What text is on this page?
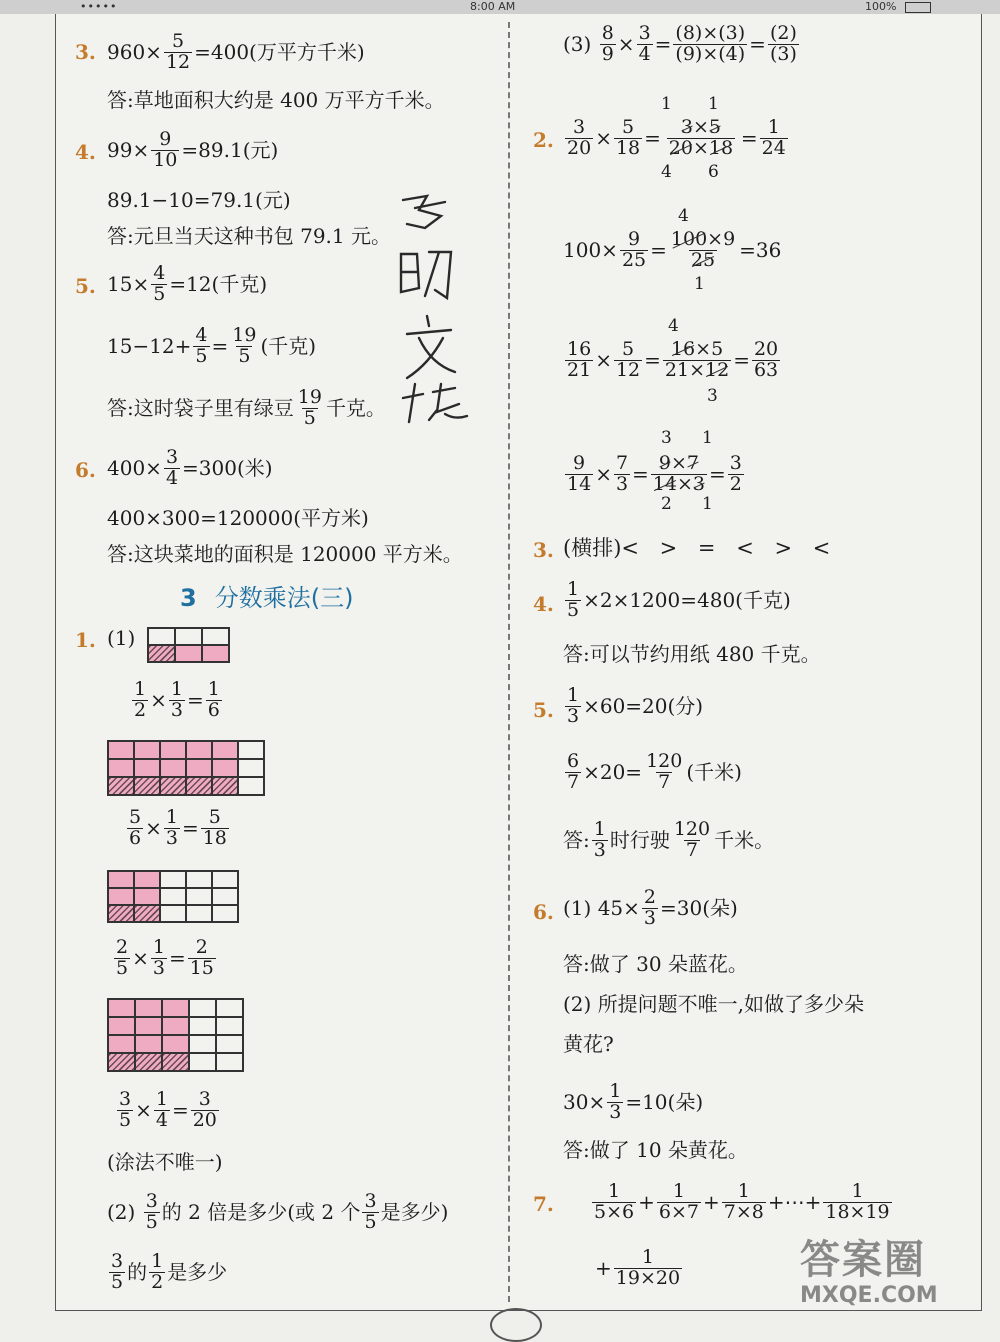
•••••	8:00 AM	100%
3. $960\times \frac{5}{12} =400$(万平方千米)
答:草地面积大约是 400 万平方千米。
4. $99\times \frac{9}{10} =89.1$(元)
89.1−10=79.1(元)
答:元旦当天这种书包 79.1 元。
5. $15\times \frac{4}{5} =12$(千克)
$15-12+ \frac{4}{5} = \frac{19}{5}$ (千克)
答:这时袋子里有绿豆 $\frac{19}{5}$ 千克。
6. $400\times \frac{3}{4} =300$(米)
400×300=120000(平方米)
答:这块菜地的面积是 120000 平方米。
3 分数乘法(三)
1. (1)
$\frac{1}{2} \times \frac{1}{3} = \frac{1}{6}$
$\frac{5}{6} \times \frac{1}{3} = \frac{5}{18}$
$\frac{2}{5} \times \frac{1}{3} = \frac{2}{15}$
$\frac{3}{5} \times \frac{1}{4} = \frac{3}{20}$
(涂法不唯一)
(2)
$\frac{3}{5}$ 的 2 倍是多少(或 2 个 $\frac{3}{5}$ 是多少)
$\frac{3}{5}$ 的 $\frac{1}{2}$ 是多少
(3)
$\frac{8}{9} \times \frac{3}{4} = \frac{(8)\times(3)}{(9)\times(4)} = \frac{(2)}{(3)}$
2. $\frac{3}{20} \times \frac{5}{18} = \frac{3\times 5}{20\times 18} = \frac{1}{24}$
1 1
4 6
$100\times \frac{9}{25} = \frac{100\times 9}{25} =36$
4
1
$\frac{16}{21} \times \frac{5}{12} = \frac{16\times 5}{21\times 12} = \frac{20}{63}$
4
3
$\frac{9}{14} \times \frac{7}{3} = \frac{9\times 7}{14\times 3} = \frac{3}{2}$
3 1
2 1
3. (横排)< > = < > <
4. $\frac{1}{5} \times 2\times 1200=480$(千克)
答:可以节约用纸 480 千克。
5. $\frac{1}{3} \times 60=20$(分)
$\frac{6}{7} \times 20= \frac{120}{7}$ (千米)
答: $\frac{1}{3}$ 时行驶 $\frac{120}{7}$ 千米。
6. (1) $45\times \frac{2}{3} =30$(朵)
答:做了 30 朵蓝花。
(2) 所提问题不唯一,如做了多少朵
黄花?
$30\times \frac{1}{3} =10$(朵)
答:做了 10 朵黄花。
7. $\frac{1}{5\times 6} + \frac{1}{6\times 7} + \frac{1}{7\times 8}$ +⋯+ $\frac{1}{18\times 19}$
+ $\frac{1}{19\times 20}$	答案圈
MXQE.COM
